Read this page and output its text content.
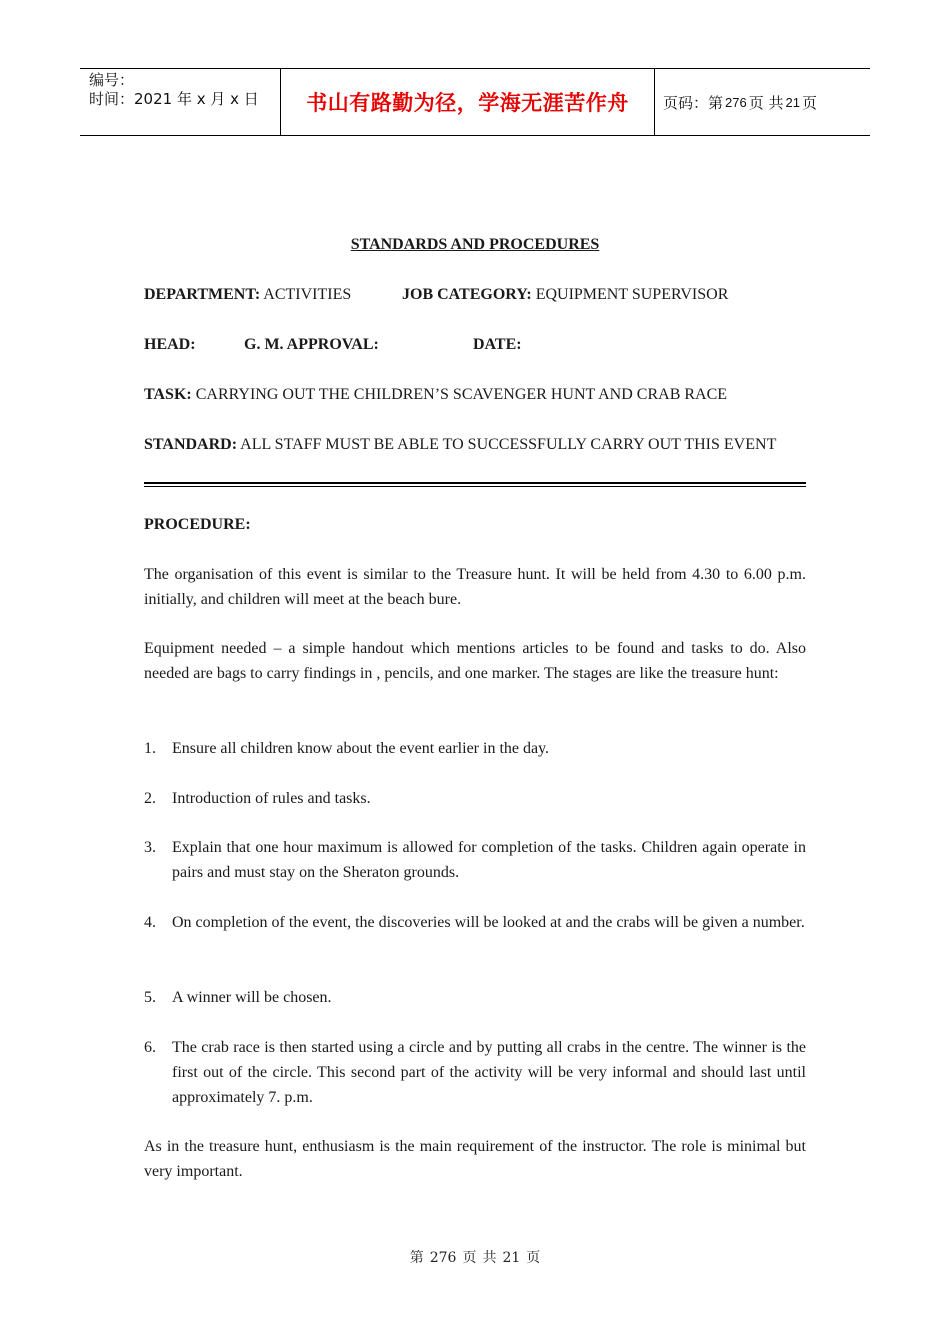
编号：
时间：2021 年 x 月 x 日	书山有路勤为径，学海无涯苦作舟	页码：第 276 页 共 21 页
STANDARDS AND PROCEDURES
DEPARTMENT: ACTIVITIES	JOB CATEGORY: EQUIPMENT SUPERVISOR
HEAD:	G. M. APPROVAL:	DATE:
TASK: CARRYING OUT THE CHILDREN’S SCAVENGER HUNT AND CRAB RACE
STANDARD: ALL STAFF MUST BE ABLE TO SUCCESSFULLY CARRY OUT THIS EVENT
PROCEDURE:
The organisation of this event is similar to the Treasure hunt. It will be held from 4.30 to 6.00 p.m. initially, and children will meet at the beach bure.
Equipment needed – a simple handout which mentions articles to be found and tasks to do. Also needed are bags to carry findings in , pencils, and one marker. The stages are like the treasure hunt:
1. Ensure all children know about the event earlier in the day.
2. Introduction of rules and tasks.
3. Explain that one hour maximum is allowed for completion of the tasks. Children again operate in pairs and must stay on the Sheraton grounds.
4. On completion of the event, the discoveries will be looked at and the crabs will be given a number.
5. A winner will be chosen.
6. The crab race is then started using a circle and by putting all crabs in the centre. The winner is the first out of the circle. This second part of the activity will be very informal and should last until approximately 7. p.m.
As in the treasure hunt, enthusiasm is the main requirement of the instructor. The role is minimal but very important.
第 276 页 共 21 页
